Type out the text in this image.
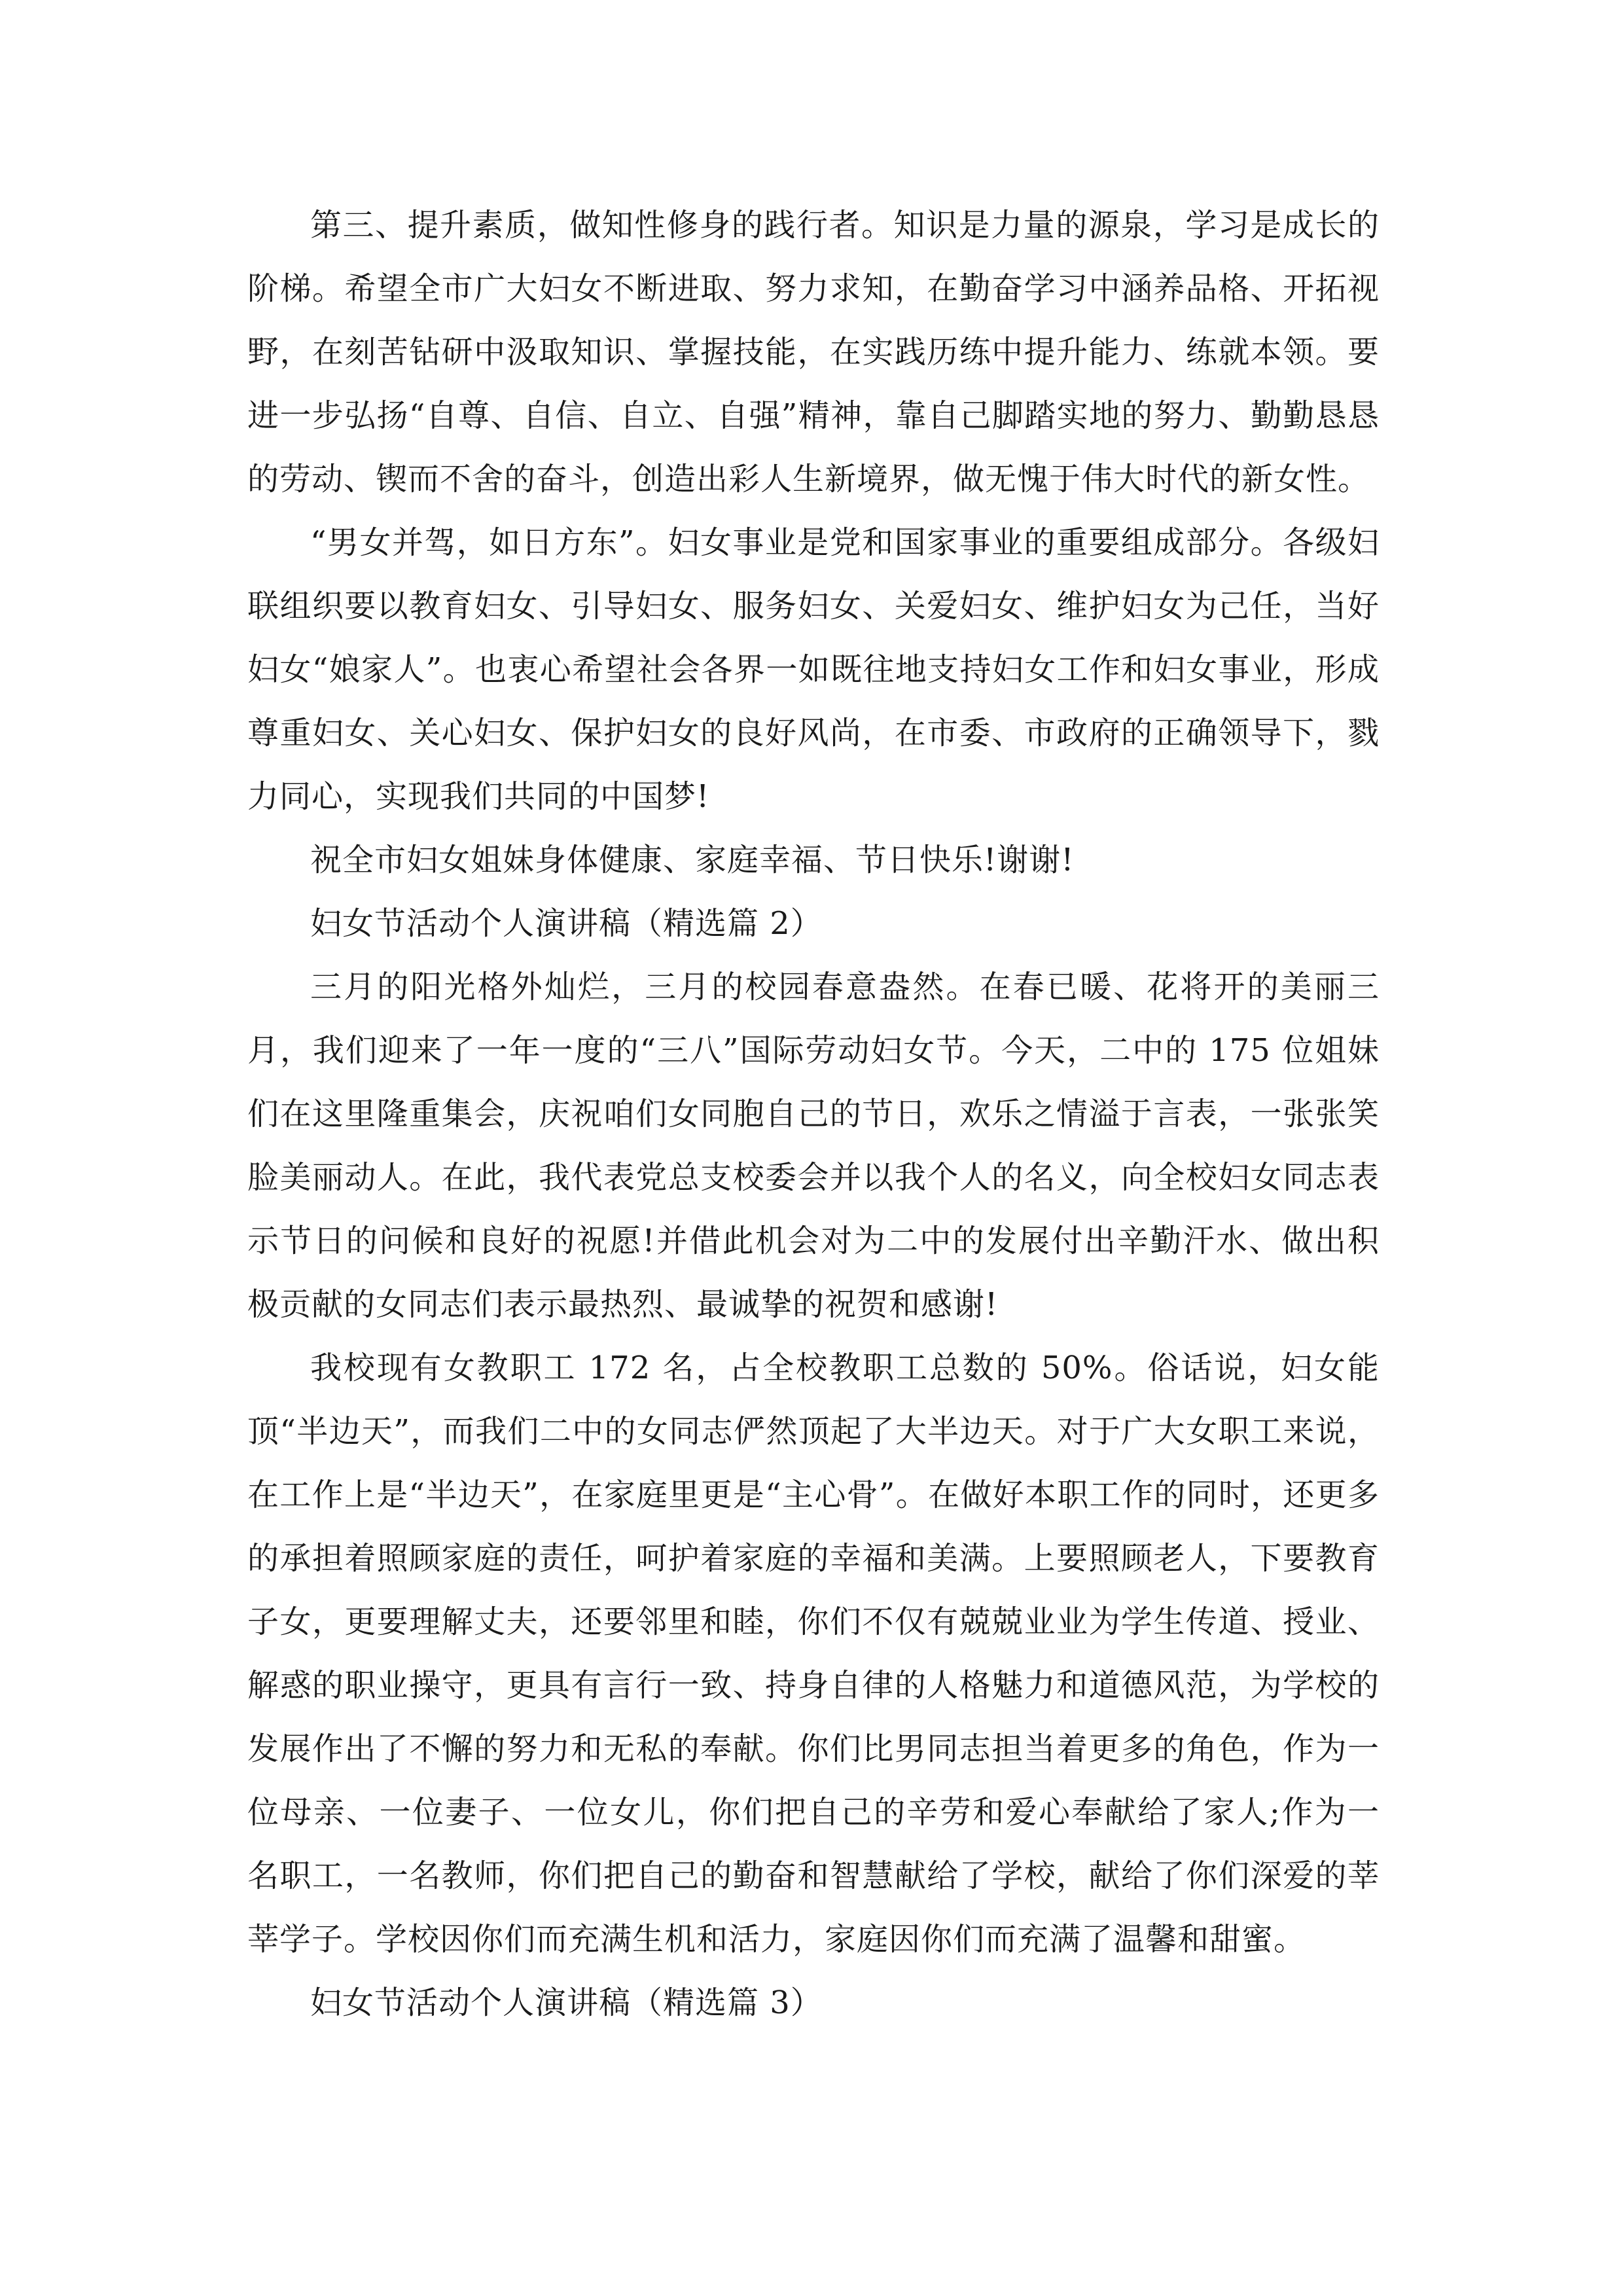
第三、提升素质，做知性修身的践行者。知识是力量的源泉，学习是成长的阶梯。希望全市广大妇女不断进取、努力求知，在勤奋学习中涵养品格、开拓视野，在刻苦钻研中汲取知识、掌握技能，在实践历练中提升能力、练就本领。要进一步弘扬“自尊、自信、自立、自强”精神，靠自己脚踏实地的努力、勤勤恳恳的劳动、锲而不舍的奋斗，创造出彩人生新境界，做无愧于伟大时代的新女性。

“男女并驾，如日方东”。妇女事业是党和国家事业的重要组成部分。各级妇联组织要以教育妇女、引导妇女、服务妇女、关爱妇女、维护妇女为己任，当好妇女“娘家人”。也衷心希望社会各界一如既往地支持妇女工作和妇女事业，形成尊重妇女、关心妇女、保护妇女的良好风尚，在市委、市政府的正确领导下，戮力同心，实现我们共同的中国梦!

祝全市妇女姐妹身体健康、家庭幸福、节日快乐!谢谢!

妇女节活动个人演讲稿（精选篇 2）

三月的阳光格外灿烂，三月的校园春意盎然。在春已暖、花将开的美丽三月，我们迎来了一年一度的“三八”国际劳动妇女节。今天，二中的 175 位姐妹们在这里隆重集会，庆祝咱们女同胞自己的节日，欢乐之情溢于言表，一张张笑脸美丽动人。在此，我代表党总支校委会并以我个人的名义，向全校妇女同志表示节日的问候和良好的祝愿!并借此机会对为二中的发展付出辛勤汗水、做出积极贡献的女同志们表示最热烈、最诚挚的祝贺和感谢!

我校现有女教职工 172 名，占全校教职工总数的 50%。俗话说，妇女能顶“半边天”，而我们二中的女同志俨然顶起了大半边天。对于广大女职工来说，在工作上是“半边天”，在家庭里更是“主心骨”。在做好本职工作的同时，还更多的承担着照顾家庭的责任，呵护着家庭的幸福和美满。上要照顾老人，下要教育子女，更要理解丈夫，还要邻里和睦，你们不仅有兢兢业业为学生传道、授业、解惑的职业操守，更具有言行一致、持身自律的人格魅力和道德风范，为学校的发展作出了不懈的努力和无私的奉献。你们比男同志担当着更多的角色，作为一位母亲、一位妻子、一位女儿，你们把自己的辛劳和爱心奉献给了家人;作为一名职工，一名教师，你们把自己的勤奋和智慧献给了学校，献给了你们深爱的莘莘学子。学校因你们而充满生机和活力，家庭因你们而充满了温馨和甜蜜。

妇女节活动个人演讲稿（精选篇 3）
